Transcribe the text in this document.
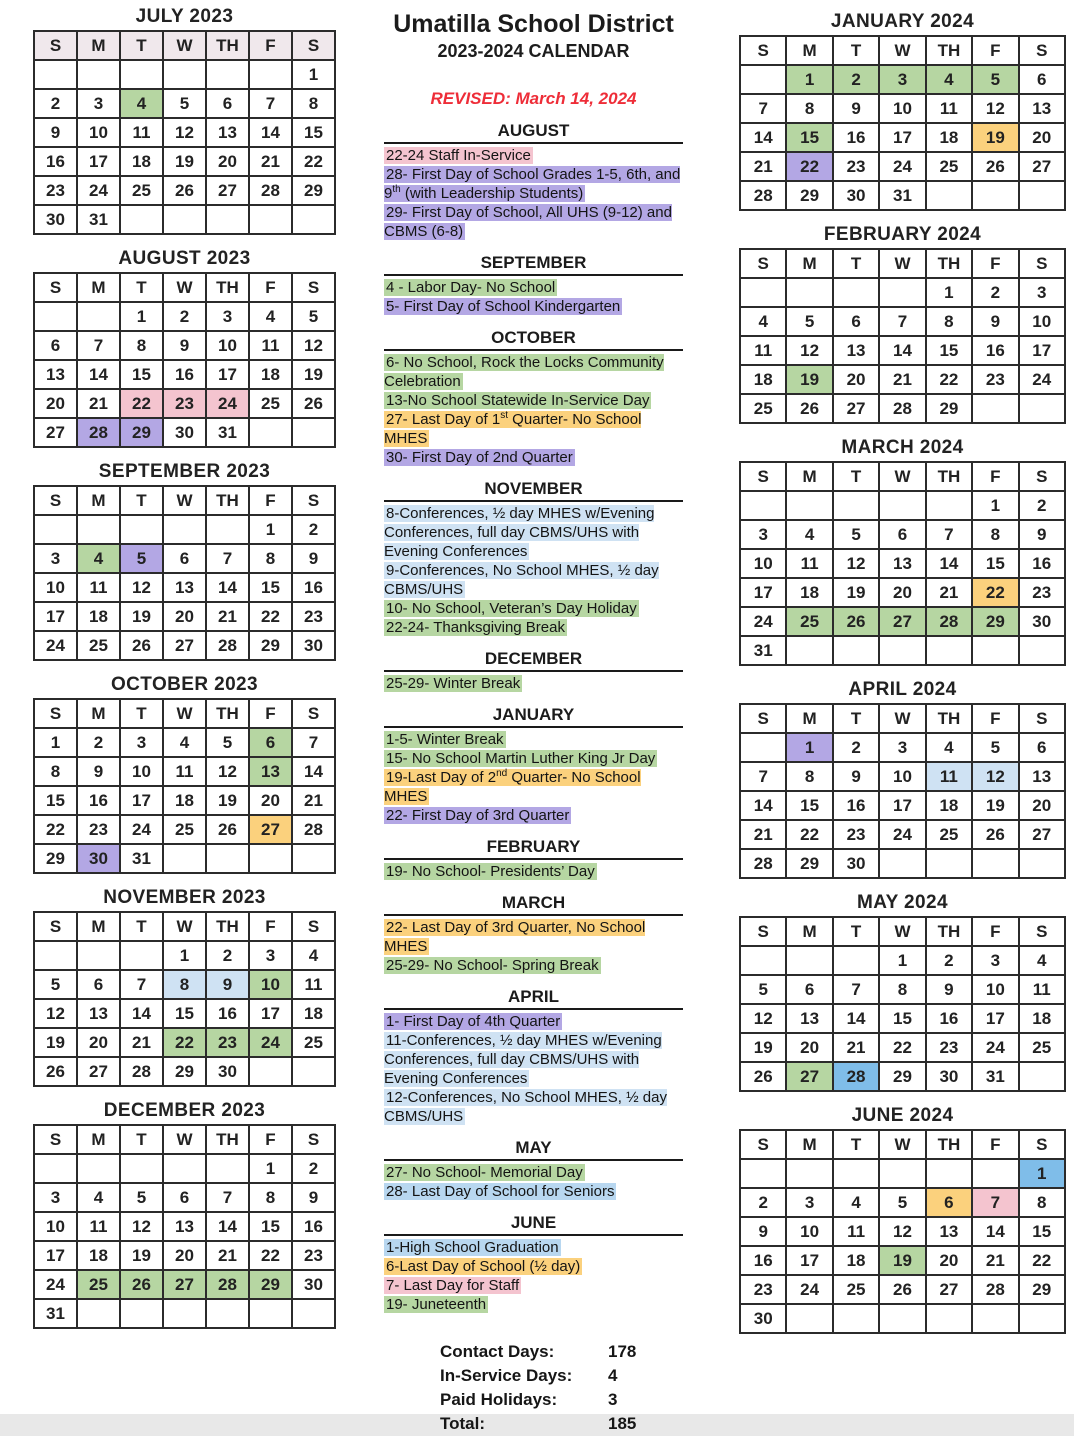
JULY 2023
S	M	T	W	TH	F	S
						1
2	3	4	5	6	7	8
9	10	11	12	13	14	15
16	17	18	19	20	21	22
23	24	25	26	27	28	29
30	31					
AUGUST 2023
S	M	T	W	TH	F	S
		1	2	3	4	5
6	7	8	9	10	11	12
13	14	15	16	17	18	19
20	21	22	23	24	25	26
27	28	29	30	31		
SEPTEMBER 2023
S	M	T	W	TH	F	S
					1	2
3	4	5	6	7	8	9
10	11	12	13	14	15	16
17	18	19	20	21	22	23
24	25	26	27	28	29	30
OCTOBER 2023
S	M	T	W	TH	F	S
1	2	3	4	5	6	7
8	9	10	11	12	13	14
15	16	17	18	19	20	21
22	23	24	25	26	27	28
29	30	31				
NOVEMBER 2023
S	M	T	W	TH	F	S
			1	2	3	4
5	6	7	8	9	10	11
12	13	14	15	16	17	18
19	20	21	22	23	24	25
26	27	28	29	30		
DECEMBER 2023
S	M	T	W	TH	F	S
					1	2
3	4	5	6	7	8	9
10	11	12	13	14	15	16
17	18	19	20	21	22	23
24	25	26	27	28	29	30
31						
Umatilla School District
2023-2024 CALENDAR
REVISED: March 14, 2024
AUGUST
22-24 Staff In-Service
28- First Day of School Grades 1-5, 6th, and 9th (with Leadership Students)
29- First Day of School, All UHS (9-12) and CBMS (6-8)
SEPTEMBER
4 - Labor Day- No School
5- First Day of School Kindergarten
OCTOBER
6- No School, Rock the Locks Community Celebration
13-No School Statewide In-Service Day
27- Last Day of 1st Quarter- No School MHES
30- First Day of 2nd Quarter
NOVEMBER
8-Conferences, ½ day MHES w/Evening Conferences, full day CBMS/UHS with Evening Conferences
9-Conferences, No School MHES, ½ day CBMS/UHS
10- No School, Veteran’s Day Holiday
22-24- Thanksgiving Break
DECEMBER
25-29- Winter Break
JANUARY
1-5- Winter Break
15- No School Martin Luther King Jr Day
19-Last Day of 2nd Quarter- No School MHES
22- First Day of 3rd Quarter
FEBRUARY
19- No School- Presidents’ Day
MARCH
22- Last Day of 3rd Quarter, No School MHES
25-29- No School- Spring Break
APRIL
1- First Day of 4th Quarter
11-Conferences, ½ day MHES w/Evening Conferences, full day CBMS/UHS with Evening Conferences
12-Conferences, No School MHES, ½ day CBMS/UHS
MAY
27- No School- Memorial Day
28- Last Day of School for Seniors
JUNE
1-High School Graduation
6-Last Day of School (½ day)
7- Last Day for Staff
19- Juneteenth
Contact Days:	178
In-Service Days:	4
Paid Holidays:	3
Total:	185
JANUARY 2024
S	M	T	W	TH	F	S
	1	2	3	4	5	6
7	8	9	10	11	12	13
14	15	16	17	18	19	20
21	22	23	24	25	26	27
28	29	30	31			
FEBRUARY 2024
S	M	T	W	TH	F	S
				1	2	3
4	5	6	7	8	9	10
11	12	13	14	15	16	17
18	19	20	21	22	23	24
25	26	27	28	29		
MARCH 2024
S	M	T	W	TH	F	S
					1	2
3	4	5	6	7	8	9
10	11	12	13	14	15	16
17	18	19	20	21	22	23
24	25	26	27	28	29	30
31						
APRIL 2024
S	M	T	W	TH	F	S
	1	2	3	4	5	6
7	8	9	10	11	12	13
14	15	16	17	18	19	20
21	22	23	24	25	26	27
28	29	30				
MAY 2024
S	M	T	W	TH	F	S
			1	2	3	4
5	6	7	8	9	10	11
12	13	14	15	16	17	18
19	20	21	22	23	24	25
26	27	28	29	30	31	
JUNE 2024
S	M	T	W	TH	F	S
						1
2	3	4	5	6	7	8
9	10	11	12	13	14	15
16	17	18	19	20	21	22
23	24	25	26	27	28	29
30						
